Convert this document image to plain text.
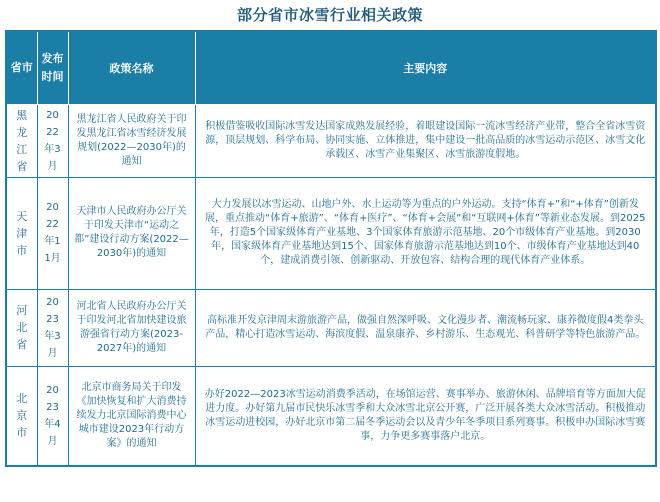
部分省市冰雪行业相关政策
省市	发布时间	政策名称	主要内容
黑龙江省	2022年3月	黑龙江省人民政府关于印发黑龙江省冰雪经济发展规划(2022—2030年)的通知	积极借鉴吸收国际冰雪发达国家成熟发展经验，着眼建设国际一流冰雪经济产业带，整合全省冰雪资源，顶层规划、科学布局、协同实施、立体推进，集中建设一批高品质的冰雪运动示范区、冰雪文化承载区、冰雪产业集聚区、冰雪旅游度假地。
天津市	2022年11月	天津市人民政府办公厅关于印发天津市“运动之都”建设行动方案(2022—2030年)的通知	大力发展以冰雪运动、山地户外、水上运动等为重点的户外运动。支持“体育+”和“+体育”创新发展，重点推动“体育+旅游”、“体育+医疗”、“体育+会展”和“互联网+体育”等新业态发展。到2025年，打造5个国家级体育产业基地、3个国家体育旅游示范基地、20个市级体育产业基地。到2030年，国家级体育产业基地达到15个、国家体育旅游示范基地达到10个、市级体育产业基地达到40个，建成消费引领、创新驱动、开放包容、结构合理的现代体育产业体系。
河北省	2023年3月	河北省人民政府办公厅关于印发河北省加快建设旅游强省行动方案(2023-2027年)的通知	高标准开发京津周末游旅游产品，做强自然深呼吸、文化漫步者、潮流畅玩家、康养微度假4类拳头产品，精心打造冰雪运动、海滨度假、温泉康养、乡村游乐、生态观光、科普研学等特色旅游产品。
北京市	2023年4月	北京市商务局关于印发《加快恢复和扩大消费持续发力北京国际消费中心城市建设2023年行动方案》的通知	办好2022—2023冰雪运动消费季活动，在场馆运营、赛事举办、旅游休闲、品牌培育等方面加大促进力度。办好第九届市民快乐冰雪季和大众冰雪北京公开赛，广泛开展各类大众冰雪活动。积极推动冰雪运动进校园，办好北京市第二届冬季运动会以及青少年冬季项目系列赛事。积极申办国际冰雪赛事，力争更多赛事落户北京。
